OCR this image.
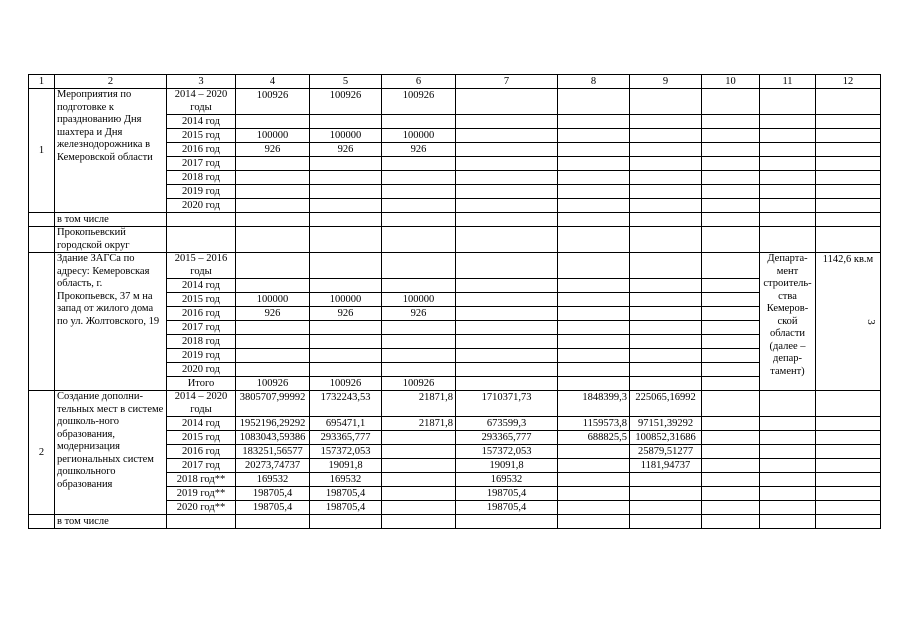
1	2	3	4	5	6	7	8	9	10	11	12
1	Мероприятия по подготовке к празднованию Дня шахтера и Дня железнодорожника в Кемеровской области	2014 – 2020 годы	100926	100926	100926						
		2014 год									
		2015 год	100000	100000	100000						
		2016 год	926	926	926						
		2017 год									
		2018 год									
		2019 год									
		2020 год									
	в том числе										
	Прокопьевский городской округ										
	Здание ЗАГСа по адресу: Кемеровская область, г. Прокопьевск, 37 м на запад от жилого дома по ул. Жолтовского, 19	2015 – 2016 годы								Департа-мент строитель-ства Кемеров-ской области (далее – депар-тамент)	1142,6 кв.м
		2014 год									
		2015 год	100000	100000	100000						
		2016 год	926	926	926						
		2017 год									
		2018 год									
		2019 год									
		2020 год									
		Итого	100926	100926	100926						
2	Создание дополни-тельных мест в системе дошколь-ного образования, модернизация региональных систем дошкольного образования	2014 – 2020 годы	3805707,99992	1732243,53	21871,8	1710371,73	1848399,3	225065,16992			
		2014 год	1952196,29292	695471,1	21871,8	673599,3	1159573,8	97151,39292			
		2015 год	1083043,59386	293365,777		293365,777	688825,5	100852,31686			
		2016 год	183251,56577	157372,053		157372,053		25879,51277			
		2017 год	20273,74737	19091,8		19091,8		1181,94737			
		2018 год**	169532	169532		169532					
		2019 год**	198705,4	198705,4		198705,4					
		2020 год**	198705,4	198705,4		198705,4					
	в том числе										
3
